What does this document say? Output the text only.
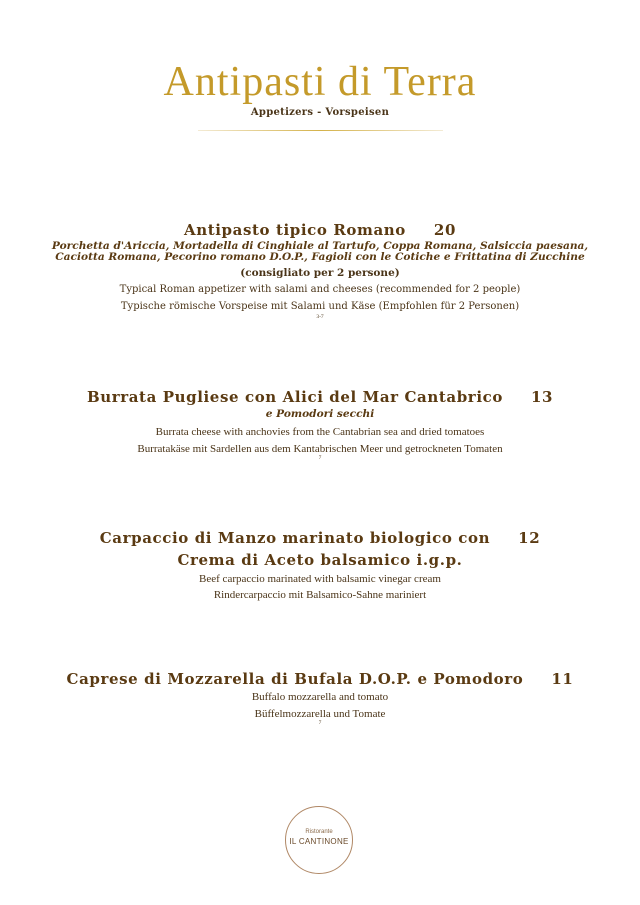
Antipasti di Terra
Appetizers - Vorspeisen
Antipasto tipico Romano 20
Porchetta d'Ariccia, Mortadella di Cinghiale al Tartufo, Coppa Romana, Salsiccia paesana,
Caciotta Romana, Pecorino romano D.O.P., Fagioli con le Cotiche e Frittatina di Zucchine
(consigliato per 2 persone)
Typical Roman appetizer with salami and cheeses (recommended for 2 people)
Typische römische Vorspeise mit Salami und Käse (Empfohlen für 2 Personen)
3-7
Burrata Pugliese con Alici del Mar Cantabrico 13
e Pomodori secchi
Burrata cheese with anchovies from the Cantabrian sea and dried tomatoes
Burratakäse mit Sardellen aus dem Kantabrischen Meer und getrockneten Tomaten
7
Carpaccio di Manzo marinato biologico con 12
Crema di Aceto balsamico i.g.p.
Beef carpaccio marinated with balsamic vinegar cream
Rindercarpaccio mit Balsamico-Sahne mariniert
Caprese di Mozzarella di Bufala D.O.P. e Pomodoro 11
Buffalo mozzarella and tomato
Büffelmozzarella und Tomate
7
Ristorante
IL CANTINONE
